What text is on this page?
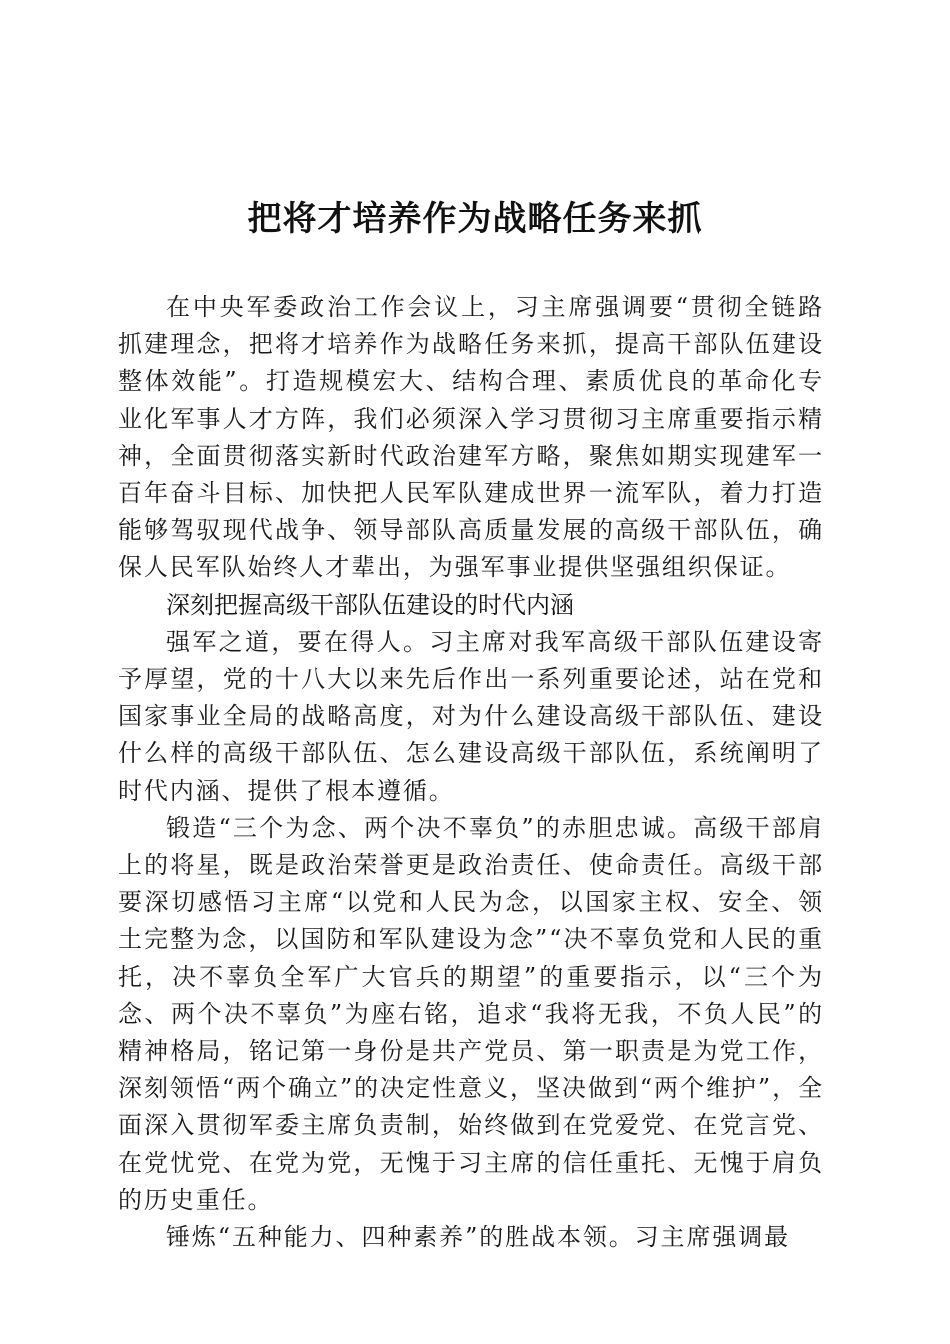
把将才培养作为战略任务来抓

在中央军委政治工作会议上，习主席强调要“贯彻全链路抓建理念，把将才培养作为战略任务来抓，提高干部队伍建设整体效能”。打造规模宏大、结构合理、素质优良的革命化专业化军事人才方阵，我们必须深入学习贯彻习主席重要指示精神，全面贯彻落实新时代政治建军方略，聚焦如期实现建军一百年奋斗目标、加快把人民军队建成世界一流军队，着力打造能够驾驭现代战争、领导部队高质量发展的高级干部队伍，确保人民军队始终人才辈出，为强军事业提供坚强组织保证。

深刻把握高级干部队伍建设的时代内涵

强军之道，要在得人。习主席对我军高级干部队伍建设寄予厚望，党的十八大以来先后作出一系列重要论述，站在党和国家事业全局的战略高度，对为什么建设高级干部队伍、建设什么样的高级干部队伍、怎么建设高级干部队伍，系统阐明了时代内涵、提供了根本遵循。

锻造“三个为念、两个决不辜负”的赤胆忠诚。高级干部肩上的将星，既是政治荣誉更是政治责任、使命责任。高级干部要深切感悟习主席“以党和人民为念，以国家主权、安全、领土完整为念，以国防和军队建设为念”“决不辜负党和人民的重托，决不辜负全军广大官兵的期望”的重要指示，以“三个为念、两个决不辜负”为座右铭，追求“我将无我，不负人民”的精神格局，铭记第一身份是共产党员、第一职责是为党工作，深刻领悟“两个确立”的决定性意义，坚决做到“两个维护”，全面深入贯彻军委主席负责制，始终做到在党爱党、在党言党、在党忧党、在党为党，无愧于习主席的信任重托、无愧于肩负的历史重任。

锤炼“五种能力、四种素养”的胜战本领。习主席强调最
